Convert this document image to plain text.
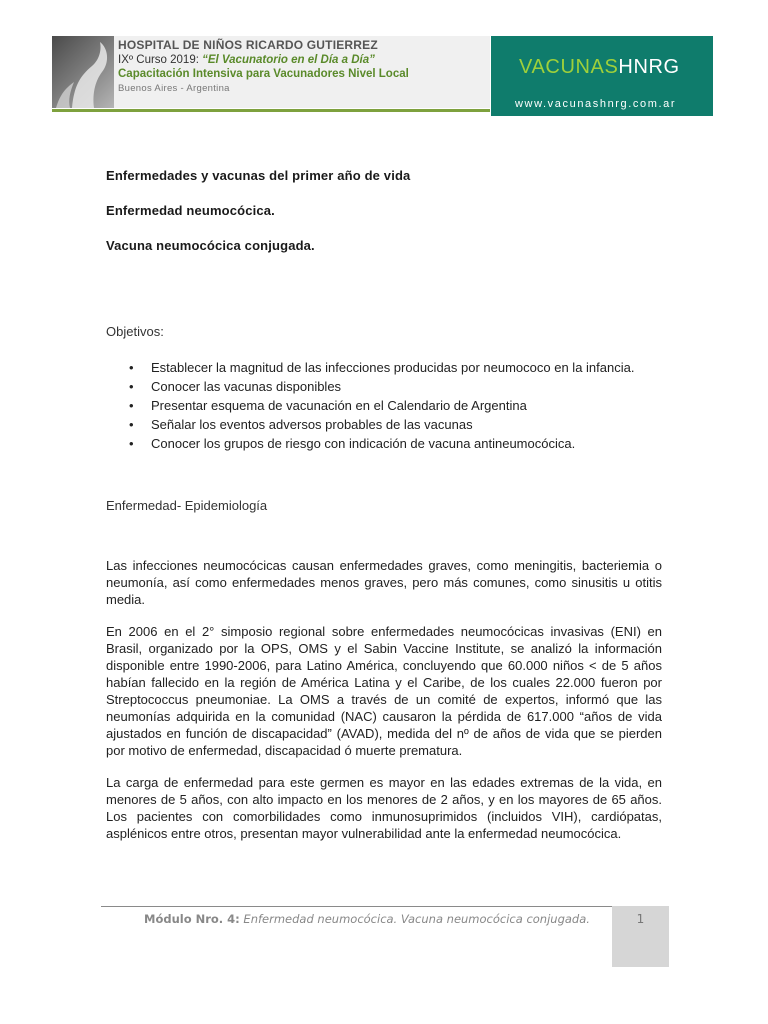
HOSPITAL DE NIÑOS RICARDO GUTIERREZ
IXº Curso 2019: “El Vacunatorio en el Día a Día”
Capacitación Intensiva para Vacunadores Nivel Local
Buenos Aires - Argentina
VACUNASHNRG
www.vacunashnrg.com.ar

Enfermedades y vacunas del primer año de vida

Enfermedad neumocócica.

Vacuna neumocócica conjugada.

Objetivos:

• Establecer la magnitud de las infecciones producidas por neumococo en la infancia.
• Conocer las vacunas disponibles
• Presentar esquema de vacunación en el Calendario de Argentina
• Señalar los eventos adversos probables de las vacunas
• Conocer los grupos de riesgo con indicación de vacuna antineumocócica.

Enfermedad- Epidemiología

Las infecciones neumocócicas causan enfermedades graves, como meningitis, bacteriemia o neumonía, así como enfermedades menos graves, pero más comunes, como sinusitis u otitis media.

En 2006 en el 2° simposio regional sobre enfermedades neumocócicas invasivas (ENI) en Brasil, organizado por la OPS, OMS y el Sabin Vaccine Institute, se analizó la información disponible entre 1990-2006, para Latino América, concluyendo que 60.000 niños < de 5 años habían fallecido en la región de América Latina y el Caribe, de los cuales 22.000 fueron por Streptococcus pneumoniae. La OMS a través de un comité de expertos, informó que las neumonías adquirida en la comunidad (NAC) causaron la pérdida de 617.000 “años de vida ajustados en función de discapacidad” (AVAD), medida del nº de años de vida que se pierden por motivo de enfermedad, discapacidad ó muerte prematura.

La carga de enfermedad para este germen es mayor en las edades extremas de la vida, en menores de 5 años, con alto impacto en los menores de 2 años, y en los mayores de 65 años. Los pacientes con comorbilidades como inmunosuprimidos (incluidos VIH), cardiópatas, asplénicos entre otros, presentan mayor vulnerabilidad ante la enfermedad neumocócica.

Módulo Nro. 4: Enfermedad neumocócica. Vacuna neumocócica conjugada.	1
